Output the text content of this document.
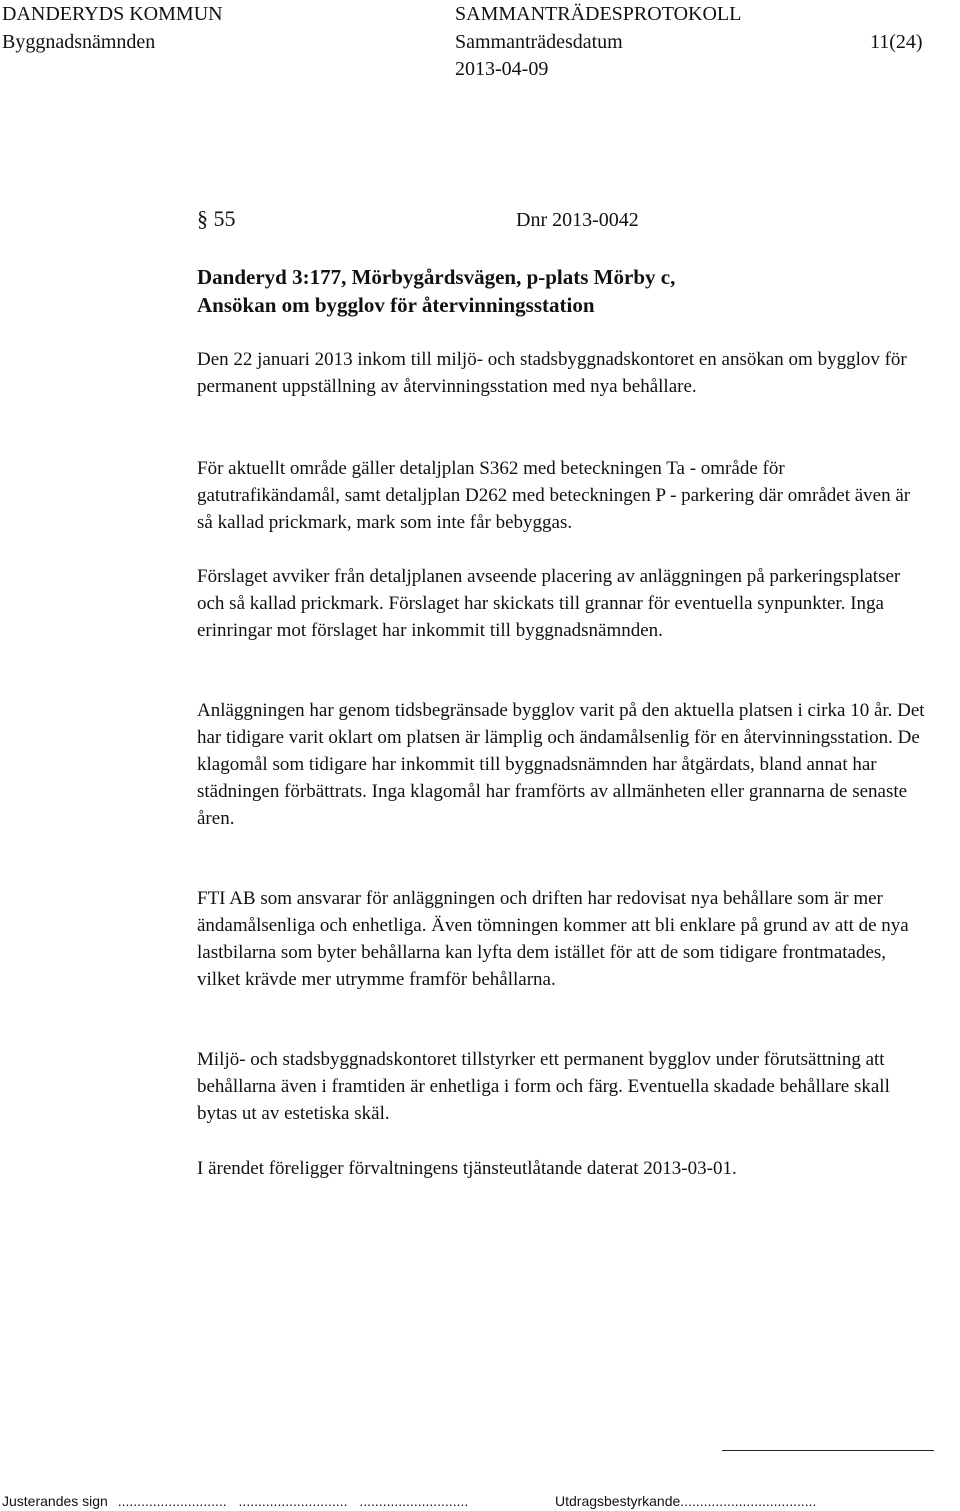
DANDERYDS KOMMUN
Byggnadsnämnden
SAMMANTRÄDESPROTOKOLL
Sammanträdesdatum
2013-04-09
11(24)
§ 55	Dnr 2013-0042

Danderyd 3:177, Mörbygårdsvägen, p-plats Mörby c,

Ansökan om bygglov för återvinningsstation

Den 22 januari 2013 inkom till miljö- och stadsbyggnadskontoret en ansökan om bygglov för permanent uppställning av återvinningsstation med nya behållare.

För aktuellt område gäller detaljplan S362 med beteckningen Ta - område för gatutrafikändamål, samt detaljplan D262 med beteckningen P - parkering där området även är så kallad prickmark, mark som inte får bebyggas.

Förslaget avviker från detaljplanen avseende placering av anläggningen på parkeringsplatser och så kallad prickmark. Förslaget har skickats till grannar för eventuella synpunkter. Inga erinringar mot förslaget har inkommit till byggnadsnämnden.

Anläggningen har genom tidsbegränsade bygglov varit på den aktuella platsen i cirka 10 år. Det har tidigare varit oklart om platsen är lämplig och ändamålsenlig för en återvinningsstation. De klagomål som tidigare har inkommit till byggnadsnämnden har åtgärdats, bland annat har städningen förbättrats. Inga klagomål har framförts av allmänheten eller grannarna de senaste åren.

FTI AB som ansvarar för anläggningen och driften har redovisat nya behållare som är mer ändamålsenliga och enhetliga. Även tömningen kommer att bli enklare på grund av att de nya lastbilarna som byter behållarna kan lyfta dem istället för att de som tidigare frontmatades, vilket krävde mer utrymme framför behållarna.

Miljö- och stadsbyggnadskontoret tillstyrker ett permanent bygglov under förutsättning att behållarna även i framtiden är enhetliga i form och färg. Eventuella skadade behållare skall bytas ut av estetiska skäl.

I ärendet föreligger förvaltningens tjänsteutlåtande daterat 2013-03-01.

Justerandes sign ............................ ............................ ............................	Utdragsbestyrkande...................................
